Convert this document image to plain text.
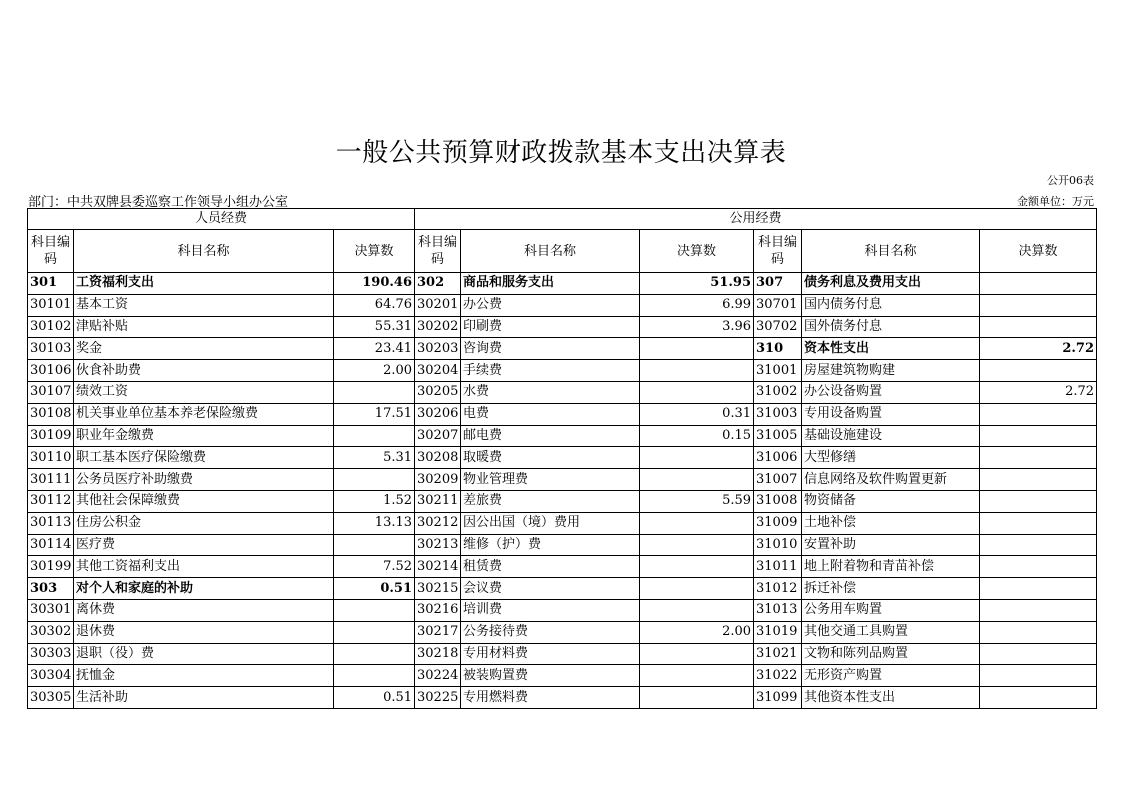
一般公共预算财政拨款基本支出决算表
公开06表
部门：中共双牌县委巡察工作领导小组办公室	金额单位：万元
人员经费			公用经费					
科目编码	科目名称	决算数	科目编码	科目名称	决算数	科目编码	科目名称	决算数
301	工资福利支出	190.46	302	商品和服务支出	51.95	307	债务利息及费用支出	
30101	基本工资	64.76	30201	办公费	6.99	30701	国内债务付息	
30102	津贴补贴	55.31	30202	印刷费	3.96	30702	国外债务付息	
30103	奖金	23.41	30203	咨询费		310	资本性支出	2.72
30106	伙食补助费	2.00	30204	手续费		31001	房屋建筑物购建	
30107	绩效工资		30205	水费		31002	办公设备购置	2.72
30108	机关事业单位基本养老保险缴费	17.51	30206	电费	0.31	31003	专用设备购置	
30109	职业年金缴费		30207	邮电费	0.15	31005	基础设施建设	
30110	职工基本医疗保险缴费	5.31	30208	取暖费		31006	大型修缮	
30111	公务员医疗补助缴费		30209	物业管理费		31007	信息网络及软件购置更新	
30112	其他社会保障缴费	1.52	30211	差旅费	5.59	31008	物资储备	
30113	住房公积金	13.13	30212	因公出国（境）费用		31009	土地补偿	
30114	医疗费		30213	维修（护）费		31010	安置补助	
30199	其他工资福利支出	7.52	30214	租赁费		31011	地上附着物和青苗补偿	
303	对个人和家庭的补助	0.51	30215	会议费		31012	拆迁补偿	
30301	离休费		30216	培训费		31013	公务用车购置	
30302	退休费		30217	公务接待费	2.00	31019	其他交通工具购置	
30303	退职（役）费		30218	专用材料费		31021	文物和陈列品购置	
30304	抚恤金		30224	被装购置费		31022	无形资产购置	
30305	生活补助	0.51	30225	专用燃料费		31099	其他资本性支出	
